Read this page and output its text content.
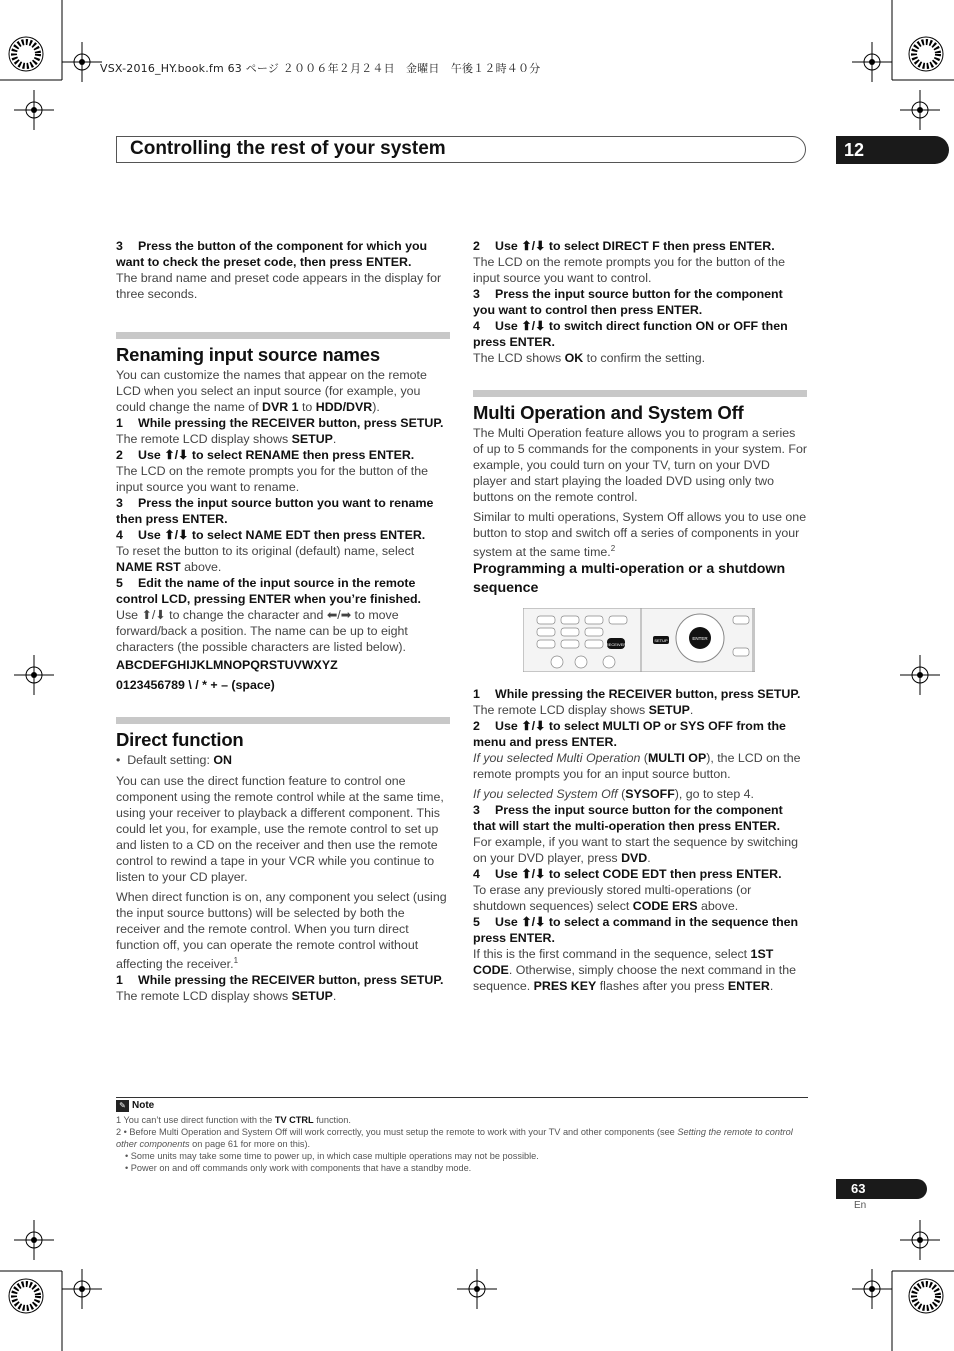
VSX-2016_HY.book.fm 63 ページ ２００６年２月２４日　金曜日　午後１２時４０分
Controlling the rest of your system	12

3 Press the button of the component for which you want to check the preset code, then press ENTER.

The brand name and preset code appears in the display for three seconds.

Renaming input source names

You can customize the names that appear on the remote LCD when you select an input source (for example, you could change the name of DVR 1 to HDD/DVR).

1 While pressing the RECEIVER button, press SETUP.

The remote LCD display shows SETUP.

2 Use ⬆/⬇ to select RENAME then press ENTER.

The LCD on the remote prompts you for the button of the input source you want to rename.

3 Press the input source button you want to rename then press ENTER.

4 Use ⬆/⬇ to select NAME EDT then press ENTER.

To reset the button to its original (default) name, select NAME RST above.

5 Edit the name of the input source in the remote control LCD, pressing ENTER when you’re finished.

Use ⬆/⬇ to change the character and ⬅/➡ to move forward/back a position. The name can be up to eight characters (the possible characters are listed below).

ABCDEFGHIJKLMNOPQRSTUVWXYZ

0123456789 \ / * + – (space)

Direct function

•  Default setting: ON

You can use the direct function feature to control one component using the remote control while at the same time, using your receiver to playback a different component. This could let you, for example, use the remote control to set up and listen to a CD on the receiver and then use the remote control to rewind a tape in your VCR while you continue to listen to your CD player.

When direct function is on, any component you select (using the input source buttons) will be selected by both the receiver and the remote control. When you turn direct function off, you can operate the remote control without affecting the receiver.$^1$

1 While pressing the RECEIVER button, press SETUP.

The remote LCD display shows SETUP.

2 Use ⬆/⬇ to select DIRECT F then press ENTER.

The LCD on the remote prompts you for the button of the input source you want to control.

3 Press the input source button for the component you want to control then press ENTER.

4 Use ⬆/⬇ to switch direct function ON or OFF then press ENTER.

The LCD shows OK to confirm the setting.

Multi Operation and System Off

The Multi Operation feature allows you to program a series of up to 5 commands for the components in your system. For example, you could turn on your TV, turn on your DVD player and start playing the loaded DVD using only two buttons on the remote control.

Similar to multi operations, System Off allows you to use one button to stop and switch off a series of components in your system at the same time.$^2$

Programming a multi-operation or a shutdown sequence

RECEIVER
ENTER
SETUP

1 While pressing the RECEIVER button, press SETUP.

The remote LCD display shows SETUP.

2 Use ⬆/⬇ to select MULTI OP or SYS OFF from the menu and press ENTER.

If you selected Multi Operation (MULTI OP), the LCD on the remote prompts you for an input source button.

If you selected System Off (SYSOFF), go to step 4.

3 Press the input source button for the component that will start the multi-operation then press ENTER.

For example, if you want to start the sequence by switching on your DVD player, press DVD.

4 Use ⬆/⬇ to select CODE EDT then press ENTER.

To erase any previously stored multi-operations (or shutdown sequences) select CODE ERS above.

5 Use ⬆/⬇ to select a command in the sequence then press ENTER.

If this is the first command in the sequence, select 1ST CODE. Otherwise, simply choose the next command in the sequence. PRES KEY flashes after you press ENTER.

✎ Note
1 You can’t use direct function with the TV CTRL function.
2 • Before Multi Operation and System Off will work correctly, you must setup the remote to work with your TV and other components (see Setting the remote to control other components on page 61 for more on this).
• Some units may take some time to power up, in which case multiple operations may not be possible.
• Power on and off commands only work with components that have a standby mode.
63
En
